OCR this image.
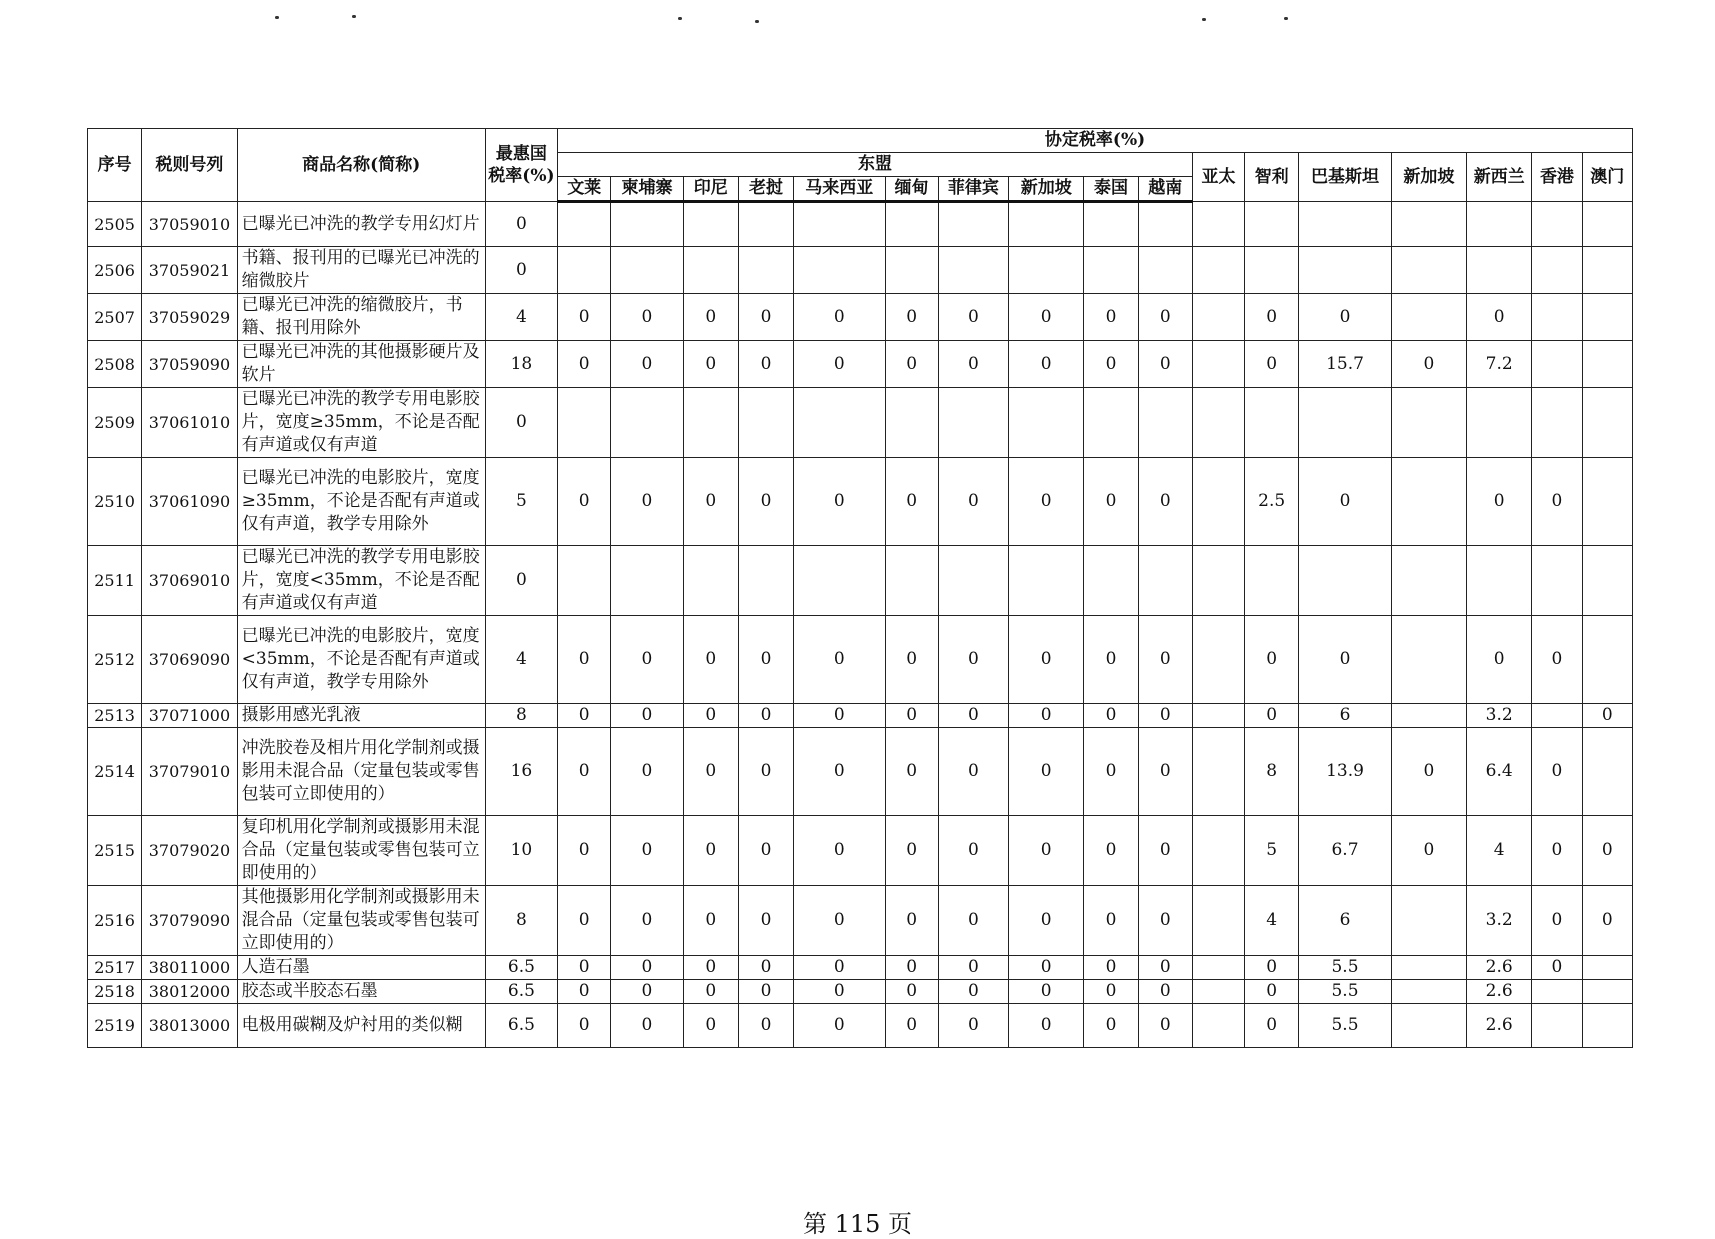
序号	税则号列	商品名称(简称)	最惠国税率(%)	协定税率(%)																
				东盟										亚太	智利	巴基斯坦	新加坡	新西兰	香港	澳门
				文莱	柬埔寨	印尼	老挝	马来西亚	缅甸	菲律宾	新加坡	泰国	越南							
2505	37059010	已曝光已冲洗的教学专用幻灯片	0																	
2506	37059021	书籍、报刊用的已曝光已冲洗的缩微胶片	0																	
2507	37059029	已曝光已冲洗的缩微胶片，书籍、报刊用除外	4	0	0	0	0	0	0	0	0	0	0		0	0		0		
2508	37059090	已曝光已冲洗的其他摄影硬片及软片	18	0	0	0	0	0	0	0	0	0	0		0	15.7	0	7.2		
2509	37061010	已曝光已冲洗的教学专用电影胶片，宽度≥35mm，不论是否配有声道或仅有声道	0																	
2510	37061090	已曝光已冲洗的电影胶片，宽度≥35mm，不论是否配有声道或仅有声道，教学专用除外	5	0	0	0	0	0	0	0	0	0	0		2.5	0		0	0	
2511	37069010	已曝光已冲洗的教学专用电影胶片，宽度<35mm，不论是否配有声道或仅有声道	0																	
2512	37069090	已曝光已冲洗的电影胶片，宽度<35mm，不论是否配有声道或仅有声道，教学专用除外	4	0	0	0	0	0	0	0	0	0	0		0	0		0	0	
2513	37071000	摄影用感光乳液	8	0	0	0	0	0	0	0	0	0	0		0	6		3.2		0
2514	37079010	冲洗胶卷及相片用化学制剂或摄影用未混合品（定量包装或零售包装可立即使用的）	16	0	0	0	0	0	0	0	0	0	0		8	13.9	0	6.4	0	
2515	37079020	复印机用化学制剂或摄影用未混合品（定量包装或零售包装可立即使用的）	10	0	0	0	0	0	0	0	0	0	0		5	6.7	0	4	0	0
2516	37079090	其他摄影用化学制剂或摄影用未混合品（定量包装或零售包装可立即使用的）	8	0	0	0	0	0	0	0	0	0	0		4	6		3.2	0	0
2517	38011000	人造石墨	6.5	0	0	0	0	0	0	0	0	0	0		0	5.5		2.6	0	
2518	38012000	胶态或半胶态石墨	6.5	0	0	0	0	0	0	0	0	0	0		0	5.5		2.6		
2519	38013000	电极用碳糊及炉衬用的类似糊	6.5	0	0	0	0	0	0	0	0	0	0		0	5.5		2.6		
第 115 页
